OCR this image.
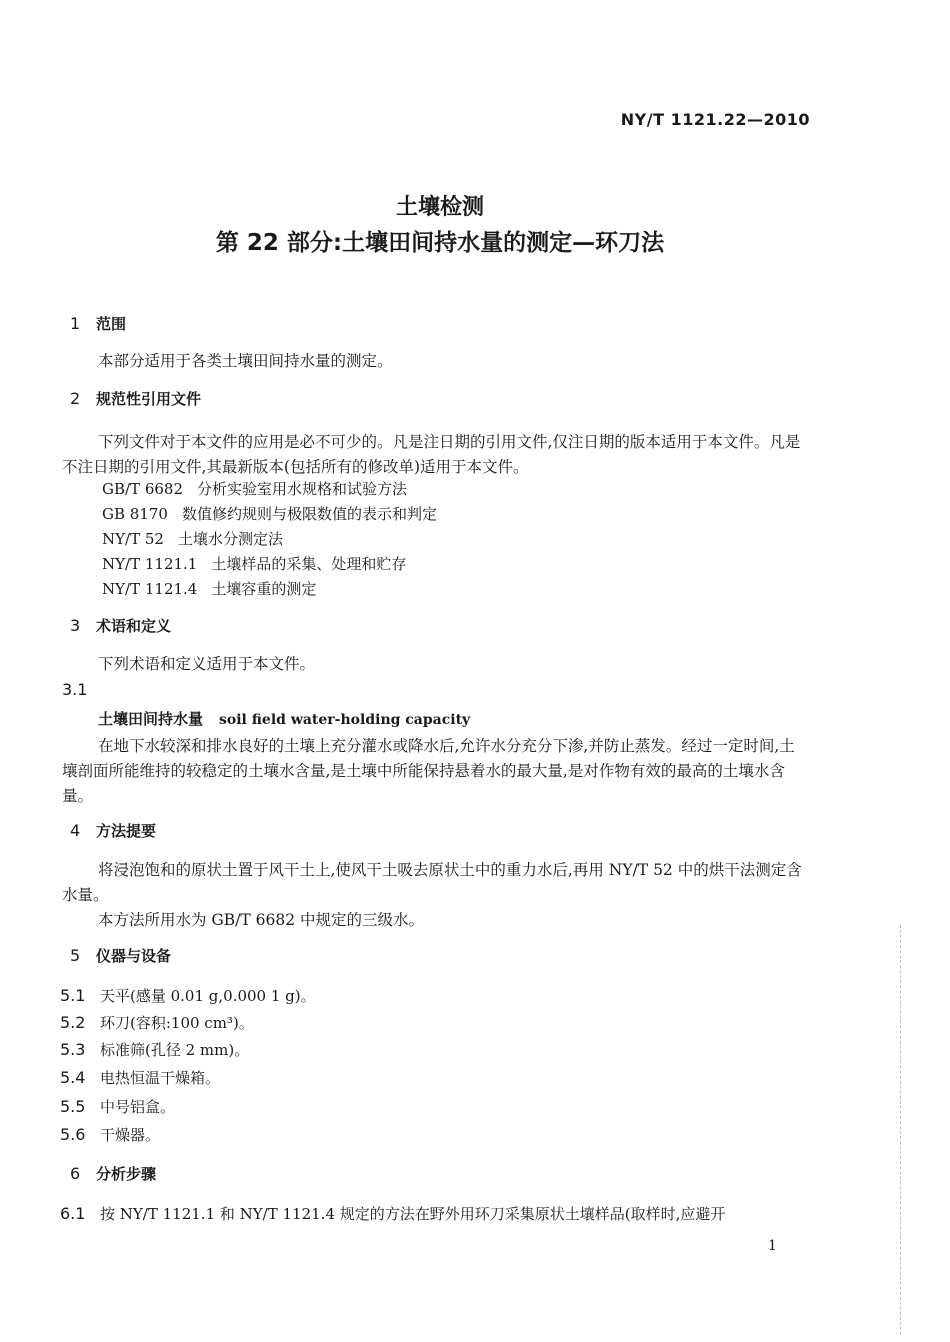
NY/T 1121.22—2010
土壤检测
第 22 部分:土壤田间持水量的测定—环刀法
1 范围
本部分适用于各类土壤田间持水量的测定。
2 规范性引用文件
下列文件对于本文件的应用是必不可少的。凡是注日期的引用文件,仅注日期的版本适用于本文件。凡是不注日期的引用文件,其最新版本(包括所有的修改单)适用于本文件。
GB/T 6682 分析实验室用水规格和试验方法
GB 8170 数值修约规则与极限数值的表示和判定
NY/T 52 土壤水分测定法
NY/T 1121.1 土壤样品的采集、处理和贮存
NY/T 1121.4 土壤容重的测定
3 术语和定义
下列术语和定义适用于本文件。
3.1
土壤田间持水量 soil field water-holding capacity
在地下水较深和排水良好的土壤上充分灌水或降水后,允许水分充分下渗,并防止蒸发。经过一定时间,土壤剖面所能维持的较稳定的土壤水含量,是土壤中所能保持悬着水的最大量,是对作物有效的最高的土壤水含量。
4 方法提要
将浸泡饱和的原状土置于风干土上,使风干土吸去原状土中的重力水后,再用 NY/T 52 中的烘干法测定含水量。
本方法所用水为 GB/T 6682 中规定的三级水。
5 仪器与设备
5.1 天平(感量 0.01 g,0.000 1 g)。
5.2 环刀(容积:100 cm³)。
5.3 标准筛(孔径 2 mm)。
5.4 电热恒温干燥箱。
5.5 中号铝盒。
5.6 干燥器。
6 分析步骤
6.1 按 NY/T 1121.1 和 NY/T 1121.4 规定的方法在野外用环刀采集原状土壤样品(取样时,应避开
1
